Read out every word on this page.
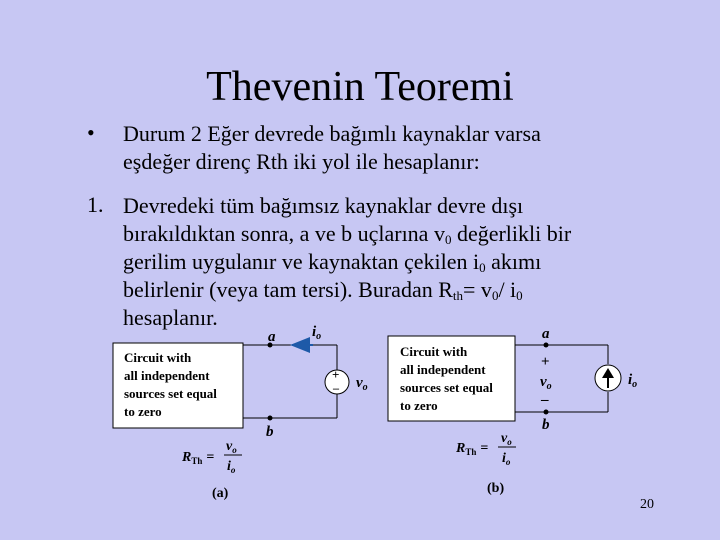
Thevenin Teoremi
• Durum 2 Eğer devrede bağımlı kaynaklar varsa
eşdeğer direnç Rth iki yol ile hesaplanır:
1. Devredeki tüm bağımsız kaynaklar devre dışı
bırakıldıktan sonra, a ve b uçlarına $v_0$ değerlikli bir
gerilim uygulanır ve kaynaktan çekilen $i_0$ akımı
belirlenir (veya tam tersi). Buradan $R_{th}= v_0/$ $i_0$
hesaplanır.
Circuit with all independent sources set equal to zero
a
b
$i_o$
+
– $v_o$
$R_{Th}$ =
$v_o$
$i_o$
(a)
Circuit with all independent sources set equal to zero
a
b
+
$v_o$
–
$i_o$
$R_{Th}$ =
$v_o$
$i_o$
(b)
20
